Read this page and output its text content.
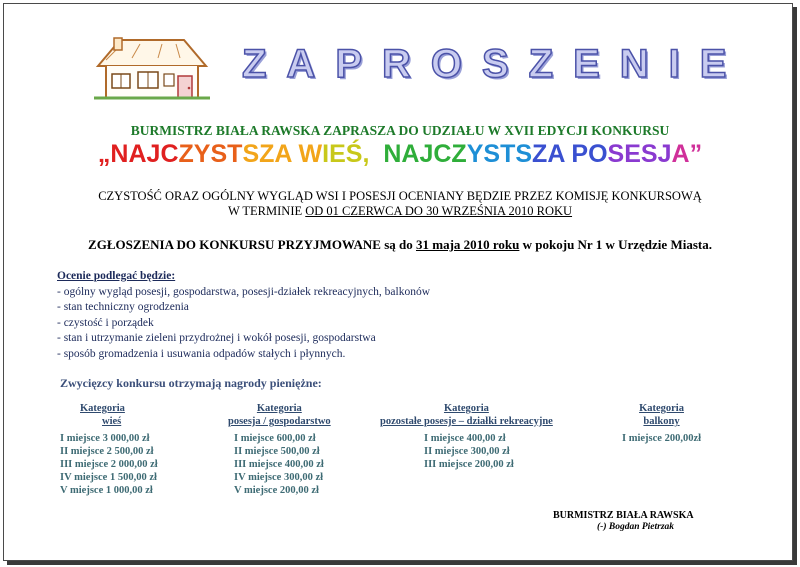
ZAPROSZENIE
BURMISTRZ BIAŁA RAWSKA ZAPRASZA DO UDZIAŁU W XVII EDYCJI KONKURSU
„NAJCZYSTSZA WIEŚ, NAJCZYSTSZA POSESJA”
CZYSTOŚĆ ORAZ OGÓLNY WYGLĄD WSI I POSESJI OCENIANY BĘDZIE PRZEZ KOMISJĘ KONKURSOWĄ
W TERMINIE OD 01 CZERWCA DO 30 WRZEŚNIA 2010 ROKU
ZGŁOSZENIA DO KONKURSU PRZYJMOWANE są do 31 maja 2010 roku w pokoju Nr 1 w Urzędzie Miasta.
Ocenie podlegać będzie:
- ogólny wygląd posesji, gospodarstwa, posesji-działek rekreacyjnych, balkonów
- stan techniczny ogrodzenia
- czystość i porządek
- stan i utrzymanie zieleni przydrożnej i wokół posesji, gospodarstwa
- sposób gromadzenia i usuwania odpadów stałych i płynnych.
Zwycięzcy konkursu otrzymają nagrody pieniężne:
Kategoria
wieś
I miejsce 3 000,00 zł
II miejsce 2 500,00 zł
III miejsce 2 000,00 zł
IV miejsce 1 500,00 zł
V miejsce 1 000,00 zł
Kategoria
posesja / gospodarstwo
I miejsce 600,00 zł
II miejsce 500,00 zł
III miejsce 400,00 zł
IV miejsce 300,00 zł
V miejsce 200,00 zł
Kategoria
pozostałe posesje – działki rekreacyjne
I miejsce 400,00 zł
II miejsce 300,00 zł
III miejsce 200,00 zł
Kategoria
balkony
I miejsce 200,00zł
BURMISTRZ BIAŁA RAWSKA
(-) Bogdan Pietrzak
